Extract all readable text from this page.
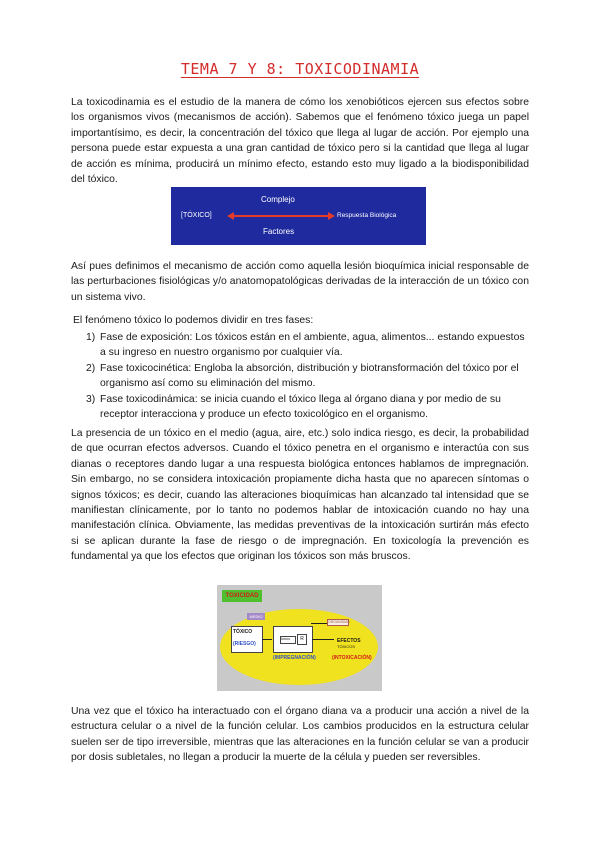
TEMA 7 Y 8: TOXICODINAMIA

La toxicodinamia es el estudio de la manera de cómo los xenobióticos ejercen sus efectos sobre los organismos vivos (mecanismos de acción). Sabemos que el fenómeno tóxico juega un papel importantísimo, es decir, la concentración del tóxico que llega al lugar de acción. Por ejemplo una persona puede estar expuesta a una gran cantidad de tóxico pero si la cantidad que llega al lugar de acción es mínima, producirá un mínimo efecto, estando esto muy ligado a la biodisponibilidad del tóxico.

[TÓXICO]
Complejo
Factores
Respuesta Biológica

Así pues definimos el mecanismo de acción como aquella lesión bioquímica inicial responsable de las perturbaciones fisiológicas y/o anatomopatológicas derivadas de la interacción de un tóxico con un sistema vivo.

El fenómeno tóxico lo podemos dividir en tres fases:

1) Fase de exposición: Los tóxicos están en el ambiente, agua, alimentos... estando expuestos a su ingreso en nuestro organismo por cualquier vía.
2) Fase toxicocinética: Engloba la absorción, distribución y biotransformación del tóxico por el organismo así como su eliminación del mismo.
3) Fase toxicodinámica: se inicia cuando el tóxico llega al órgano diana y por medio de su receptor interacciona y produce un efecto toxicológico en el organismo.

La presencia de un tóxico en el medio (agua, aire, etc.) solo indica riesgo, es decir, la probabilidad de que ocurran efectos adversos. Cuando el tóxico penetra en el organismo e interactúa con sus dianas o receptores dando lugar a una respuesta biológica entonces hablamos de impregnación. Sin embargo, no se considera intoxicación propiamente dicha hasta que no aparecen síntomas o signos tóxicos; es decir, cuando las alteraciones bioquímicas han alcanzado tal intensidad que se manifiestan clínicamente, por lo tanto no podemos hablar de intoxicación cuando no hay una manifestación clínica. Obviamente, las medidas preventivas de la intoxicación surtirán más efecto si se aplican durante la fase de riesgo o de impregnación. En toxicología la prevención es fundamental ya que los efectos que originan los tóxicos son más bruscos.

TOXICIDAD
MEDIO
ORGANISMO
TÓXICO
(RIESGO)
tóxico	R
(IMPREGNACIÓN)
EFECTOS
TÓXICOS
(INTOXICACIÓN)

Una vez que el tóxico ha interactuado con el órgano diana va a producir una acción a nivel de la estructura celular o a nivel de la función celular. Los cambios producidos en la estructura celular suelen ser de tipo irreversible, mientras que las alteraciones en la función celular se van a producir por dosis subletales, no llegan a producir la muerte de la célula y pueden ser reversibles.
